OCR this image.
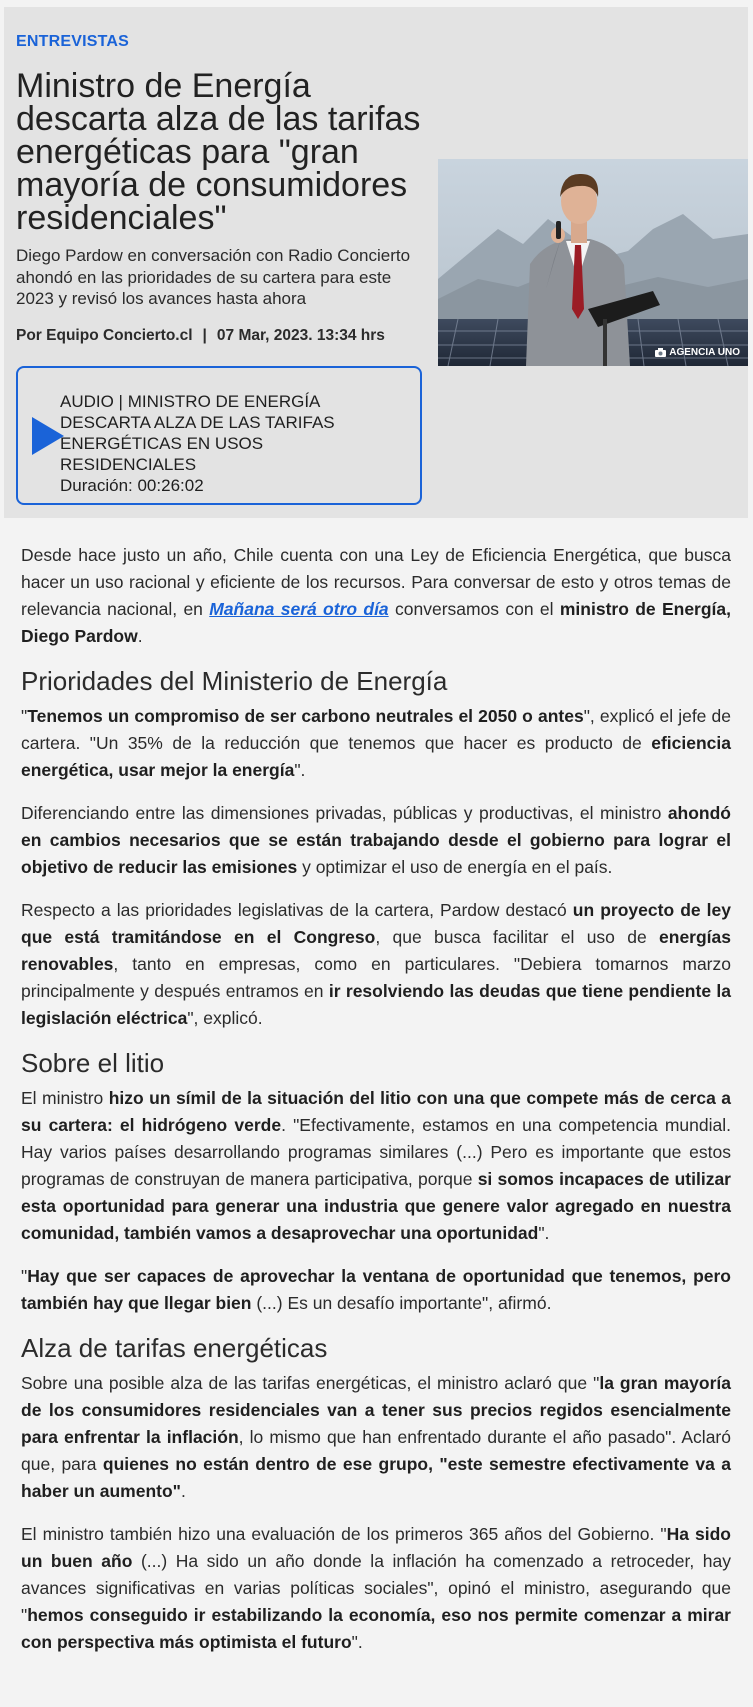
ENTREVISTAS
Ministro de Energía descarta alza de las tarifas energéticas para "gran mayoría de consumidores residenciales"

Diego Pardow en conversación con Radio Concierto ahondó en las prioridades de su cartera para este 2023 y revisó los avances hasta ahora

Por Equipo Concierto.cl | 07 Mar, 2023. 13:34 hrs
AUDIO | MINISTRO DE ENERGÍA DESCARTA ALZA DE LAS TARIFAS ENERGÉTICAS EN USOS RESIDENCIALES
Duración: 00:26:02
AGENCIA UNO

Desde hace justo un año, Chile cuenta con una Ley de Eficiencia Energética, que busca hacer un uso racional y eficiente de los recursos. Para conversar de esto y otros temas de relevancia nacional, en Mañana será otro día conversamos con el ministro de Energía, Diego Pardow.

Prioridades del Ministerio de Energía

"Tenemos un compromiso de ser carbono neutrales el 2050 o antes", explicó el jefe de cartera. "Un 35% de la reducción que tenemos que hacer es producto de eficiencia energética, usar mejor la energía".

Diferenciando entre las dimensiones privadas, públicas y productivas, el ministro ahondó en cambios necesarios que se están trabajando desde el gobierno para lograr el objetivo de reducir las emisiones y optimizar el uso de energía en el país.

Respecto a las prioridades legislativas de la cartera, Pardow destacó un proyecto de ley que está tramitándose en el Congreso, que busca facilitar el uso de energías renovables, tanto en empresas, como en particulares. "Debiera tomarnos marzo principalmente y después entramos en ir resolviendo las deudas que tiene pendiente la legislación eléctrica", explicó.

Sobre el litio

El ministro hizo un símil de la situación del litio con una que compete más de cerca a su cartera: el hidrógeno verde. "Efectivamente, estamos en una competencia mundial. Hay varios países desarrollando programas similares (...) Pero es importante que estos programas de construyan de manera participativa, porque si somos incapaces de utilizar esta oportunidad para generar una industria que genere valor agregado en nuestra comunidad, también vamos a desaprovechar una oportunidad".

"Hay que ser capaces de aprovechar la ventana de oportunidad que tenemos, pero también hay que llegar bien (...) Es un desafío importante", afirmó.

Alza de tarifas energéticas

Sobre una posible alza de las tarifas energéticas, el ministro aclaró que "la gran mayoría de los consumidores residenciales van a tener sus precios regidos esencialmente para enfrentar la inflación, lo mismo que han enfrentado durante el año pasado". Aclaró que, para quienes no están dentro de ese grupo, "este semestre efectivamente va a haber un aumento".

El ministro también hizo una evaluación de los primeros 365 años del Gobierno. "Ha sido un buen año (...) Ha sido un año donde la inflación ha comenzado a retroceder, hay avances significativas en varias políticas sociales", opinó el ministro, asegurando que "hemos conseguido ir estabilizando la economía, eso nos permite comenzar a mirar con perspectiva más optimista el futuro".
